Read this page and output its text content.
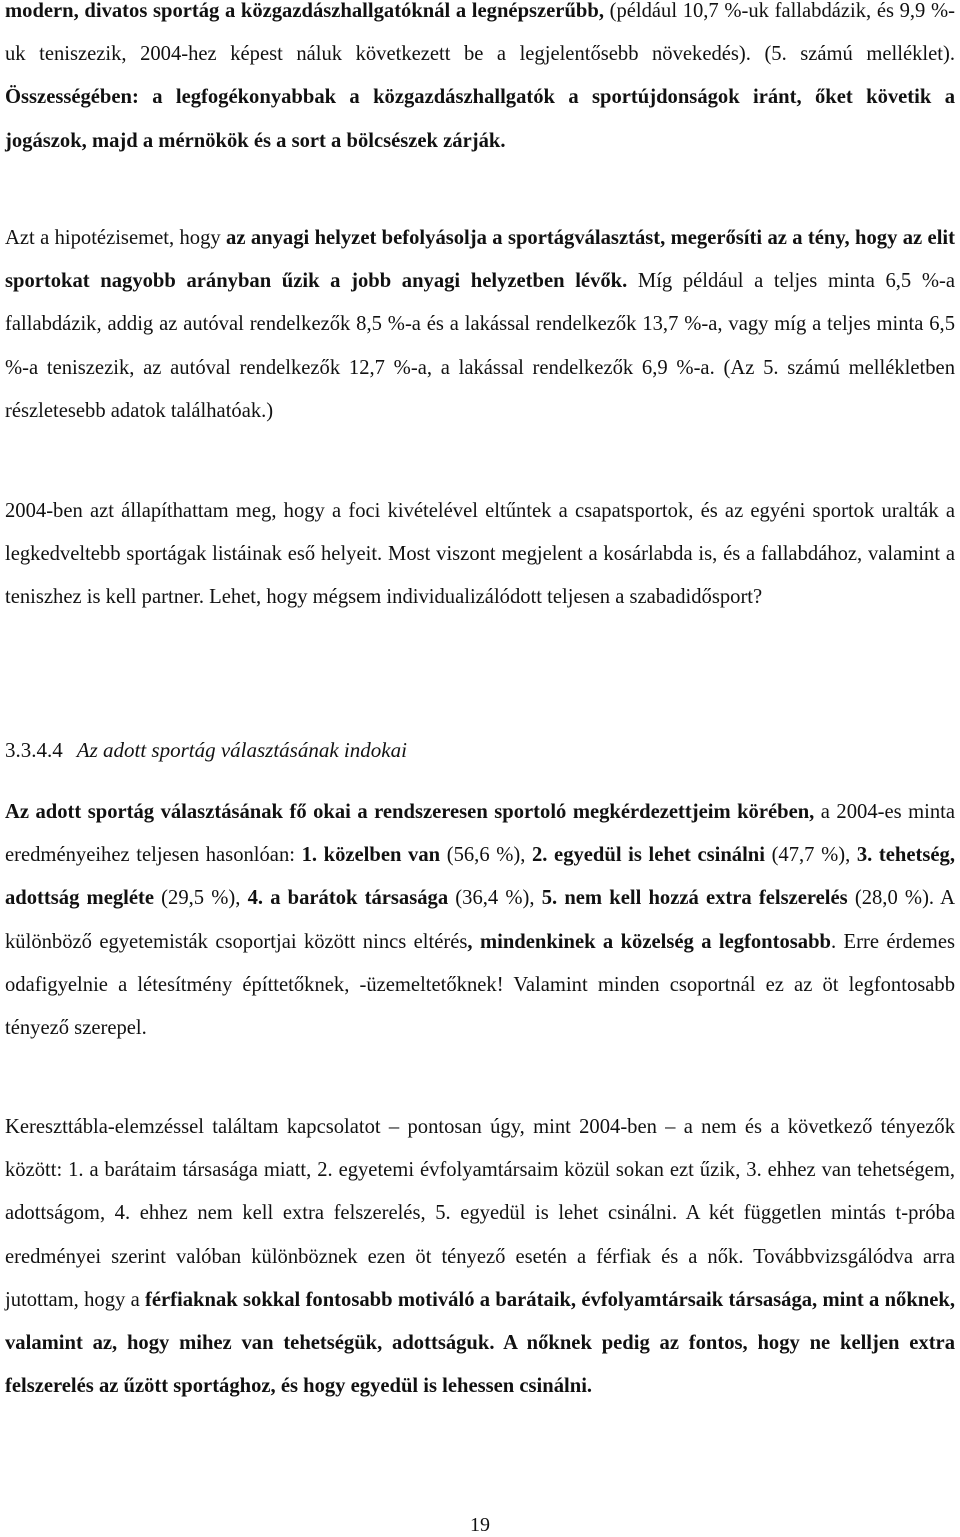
modern, divatos sportág a közgazdászhallgatóknál a legnépszerűbb, (például 10,7 %-uk fallabdázik, és 9,9 %-uk teniszezik, 2004-hez képest náluk következett be a legjelentősebb növekedés). (5. számú melléklet). Összességében: a legfogékonyabbak a közgazdászhallgatók a sportújdonságok iránt, őket követik a jogászok, majd a mérnökök és a sort a bölcsészek zárják.

Azt a hipotézisemet, hogy az anyagi helyzet befolyásolja a sportágválasztást, megerősíti az a tény, hogy az elit sportokat nagyobb arányban űzik a jobb anyagi helyzetben lévők. Míg például a teljes minta 6,5 %-a fallabdázik, addig az autóval rendelkezők 8,5 %-a és a lakással rendelkezők 13,7 %-a, vagy míg a teljes minta 6,5 %-a teniszezik, az autóval rendelkezők 12,7 %-a, a lakással rendelkezők 6,9 %-a. (Az 5. számú mellékletben részletesebb adatok találhatóak.)

2004-ben azt állapíthattam meg, hogy a foci kivételével eltűntek a csapatsportok, és az egyéni sportok uralták a legkedveltebb sportágak listáinak eső helyeit. Most viszont megjelent a kosárlabda is, és a fallabdához, valamint a teniszhez is kell partner. Lehet, hogy mégsem individualizálódott teljesen a szabadidősport?

3.3.4.4 Az adott sportág választásának indokai

Az adott sportág választásának fő okai a rendszeresen sportoló megkérdezettjeim körében, a 2004-es minta eredményeihez teljesen hasonlóan: 1. közelben van (56,6 %), 2. egyedül is lehet csinálni (47,7 %), 3. tehetség, adottság megléte (29,5 %), 4. a barátok társasága (36,4 %), 5. nem kell hozzá extra felszerelés (28,0 %). A különböző egyetemisták csoportjai között nincs eltérés, mindenkinek a közelség a legfontosabb. Erre érdemes odafigyelnie a létesítmény építtetőknek, -üzemeltetőknek! Valamint minden csoportnál ez az öt legfontosabb tényező szerepel.

Kereszttábla-elemzéssel találtam kapcsolatot – pontosan úgy, mint 2004-ben – a nem és a következő tényezők között: 1. a barátaim társasága miatt, 2. egyetemi évfolyamtársaim közül sokan ezt űzik, 3. ehhez van tehetségem, adottságom, 4. ehhez nem kell extra felszerelés, 5. egyedül is lehet csinálni. A két független mintás t-próba eredményei szerint valóban különböznek ezen öt tényező esetén a férfiak és a nők. Továbbvizsgálódva arra jutottam, hogy a férfiaknak sokkal fontosabb motiváló a barátaik, évfolyamtársaik társasága, mint a nőknek, valamint az, hogy mihez van tehetségük, adottságuk. A nőknek pedig az fontos, hogy ne kelljen extra felszerelés az űzött sportághoz, és hogy egyedül is lehessen csinálni.

19
